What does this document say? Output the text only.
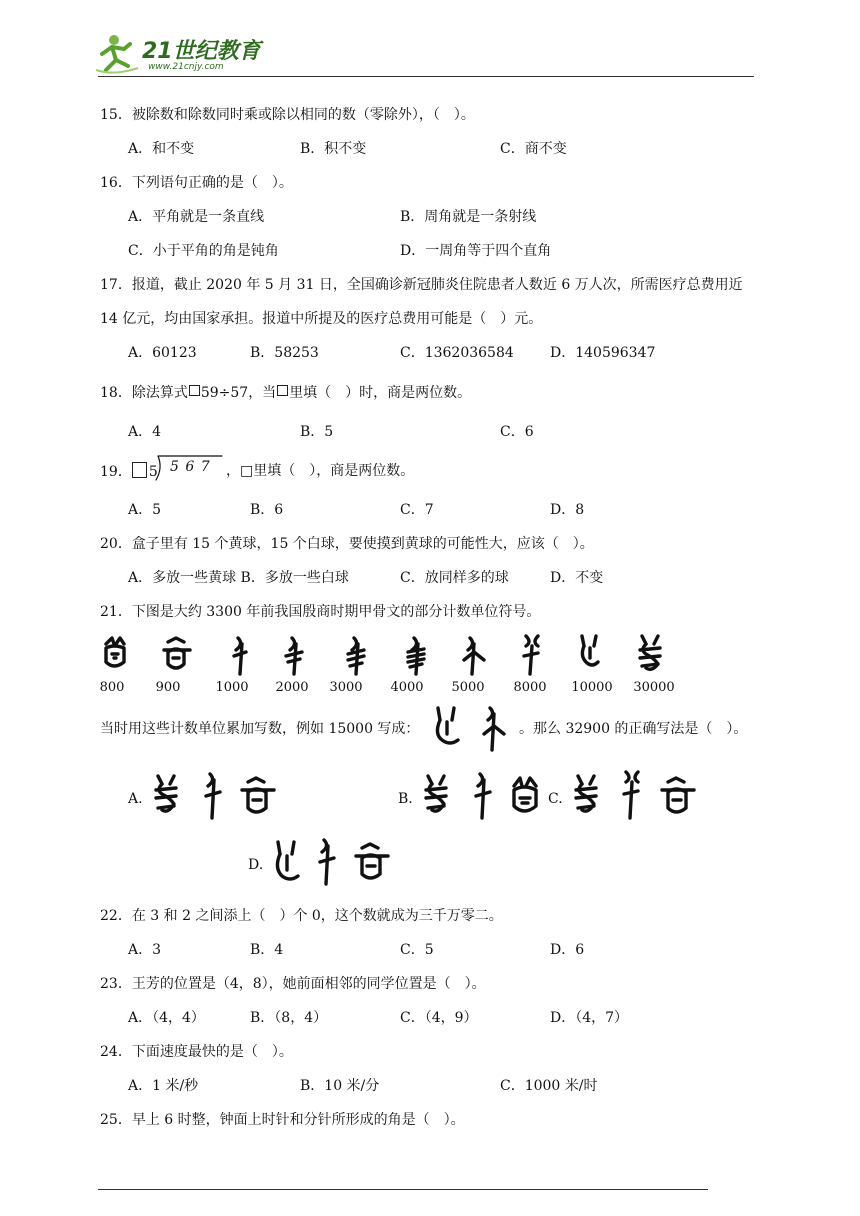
21世纪教育
www.21cnjy.com
15．被除数和除数同时乘或除以相同的数（零除外），（　）。
A．和不变	B．积不变	C．商不变
16．下列语句正确的是（　）。
A．平角就是一条直线	B．周角就是一条射线
C．小于平角的角是钝角	D．一周角等于四个直角
17．报道，截止 2020 年 5 月 31 日，全国确诊新冠肺炎住院患者人数近 6 万人次，所需医疗总费用近
14 亿元，均由国家承担。报道中所提及的医疗总费用可能是（　）元。
A．60123	B．58253	C．1362036584	D．140596347
18．除法算式 59÷57，当 里填（　）时，商是两位数。
A．4	B．5	C．6
19． 5 5 6 7 ，□里填（　），商是两位数。
A．5	B．6	C．7	D．8
20．盒子里有 15 个黄球，15 个白球，要使摸到黄球的可能性大，应该（　）。
A．多放一些黄球 B．多放一些白球	C．放同样多的球	D．不变
21．下图是大约 3300 年前我国殷商时期甲骨文的部分计数单位符号。
800	900	1000	2000	3000	4000	5000	8000	10000	30000
当时用这些计数单位累加写数，例如 15000 写成：	。那么 32900 的正确写法是（　）。
A.	B.	C.
D.
22．在 3 和 2 之间添上（　）个 0，这个数就成为三千万零二。
A．3	B．4	C．5	D．6
23．王芳的位置是（4，8），她前面相邻的同学位置是（　）。
A．（4，4）	B．（8，4）	C．（4，9）	D．（4，7）
24．下面速度最快的是（　）。
A．1 米/秒	B．10 米/分	C．1000 米/时
25．早上 6 时整，钟面上时针和分针所形成的角是（　）。
